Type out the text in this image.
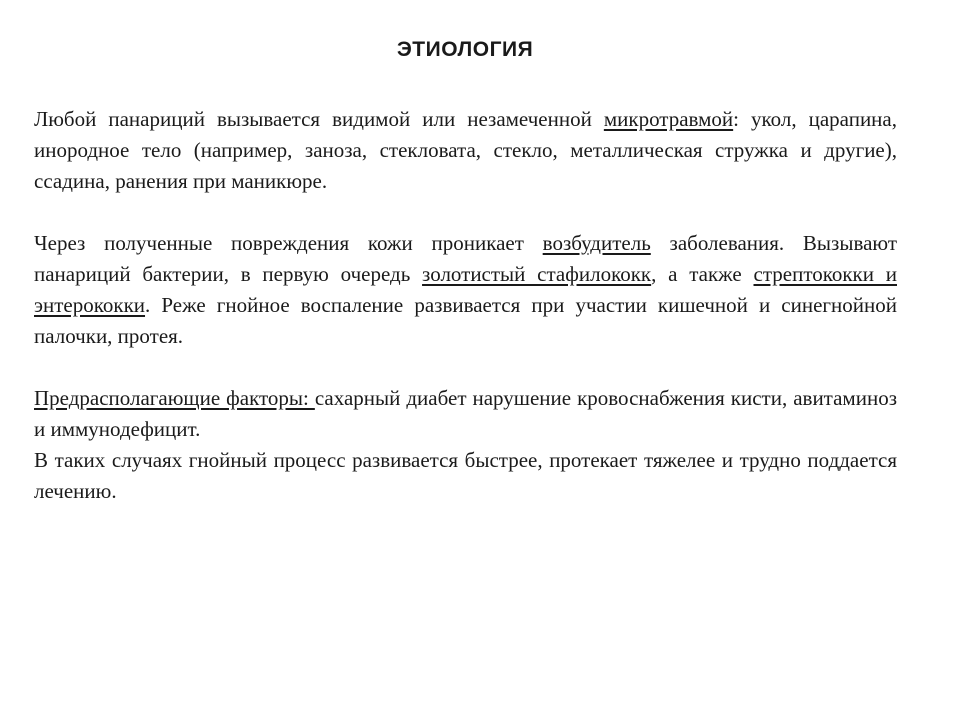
ЭТИОЛОГИЯ

Любой панариций вызывается видимой или незамеченной микротравмой: укол, царапина, инородное тело (например, заноза, стекловата, стекло, металлическая стружка и другие), ссадина, ранения при маникюре.

Через полученные повреждения кожи проникает возбудитель заболевания. Вызывают панариций бактерии, в первую очередь золотистый стафилококк, а также стрептококки и энтерококки. Реже гнойное воспаление развивается при участии кишечной и синегнойной палочки, протея.

Предрасполагающие факторы: сахарный диабет нарушение кровоснабжения кисти, авитаминоз и иммунодефицит.

В таких случаях гнойный процесс развивается быстрее, протекает тяжелее и трудно поддается лечению.
